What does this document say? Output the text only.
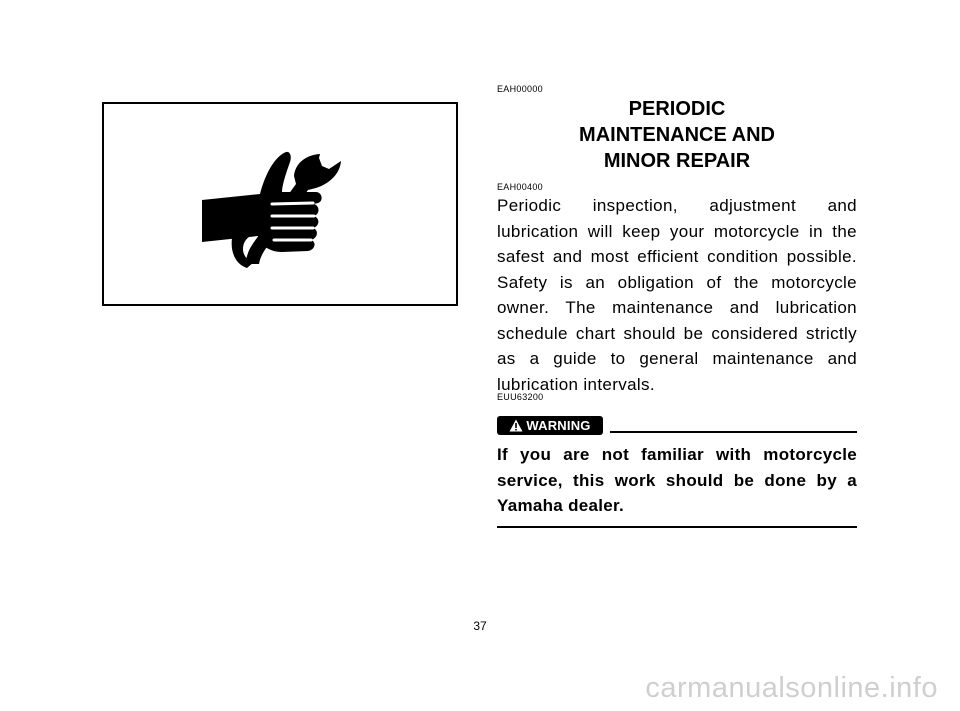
EAH00000
PERIODIC
MAINTENANCE AND
MINOR REPAIR
EAH00400
Periodic inspection, adjustment and lubrication will keep your motorcycle in the safest and most efficient condition possible. Safety is an obligation of the motorcycle owner. The maintenance and lubrication schedule chart should be considered strictly as a guide to general maintenance and lubrication intervals.
EUU63200
WARNING
If you are not familiar with motorcycle service, this work should be done by a Yamaha dealer.
37
carmanualsonline.info
